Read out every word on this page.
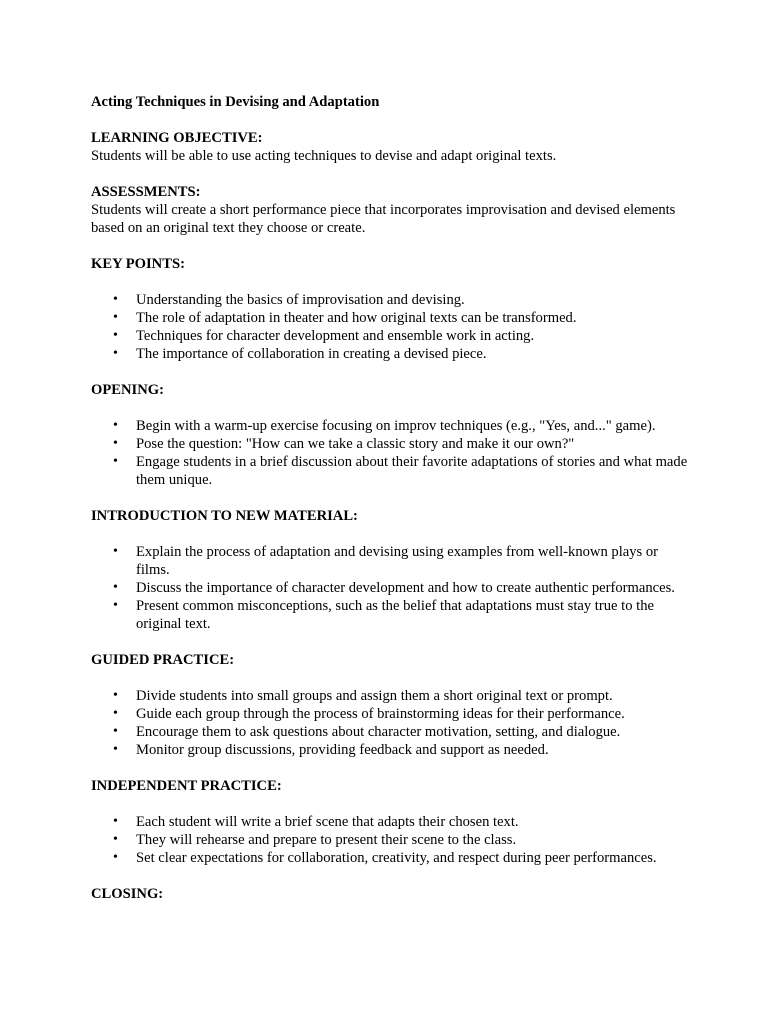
Acting Techniques in Devising and Adaptation
LEARNING OBJECTIVE:
Students will be able to use acting techniques to devise and adapt original texts.
ASSESSMENTS:
Students will create a short performance piece that incorporates improvisation and devised elements based on an original text they choose or create.
KEY POINTS:
• Understanding the basics of improvisation and devising.
• The role of adaptation in theater and how original texts can be transformed.
• Techniques for character development and ensemble work in acting.
• The importance of collaboration in creating a devised piece.
OPENING:
• Begin with a warm-up exercise focusing on improv techniques (e.g., "Yes, and..." game).
• Pose the question: "How can we take a classic story and make it our own?"
• Engage students in a brief discussion about their favorite adaptations of stories and what made them unique.
INTRODUCTION TO NEW MATERIAL:
• Explain the process of adaptation and devising using examples from well-known plays or films.
• Discuss the importance of character development and how to create authentic performances.
• Present common misconceptions, such as the belief that adaptations must stay true to the original text.
GUIDED PRACTICE:
• Divide students into small groups and assign them a short original text or prompt.
• Guide each group through the process of brainstorming ideas for their performance.
• Encourage them to ask questions about character motivation, setting, and dialogue.
• Monitor group discussions, providing feedback and support as needed.
INDEPENDENT PRACTICE:
• Each student will write a brief scene that adapts their chosen text.
• They will rehearse and prepare to present their scene to the class.
• Set clear expectations for collaboration, creativity, and respect during peer performances.
CLOSING:
